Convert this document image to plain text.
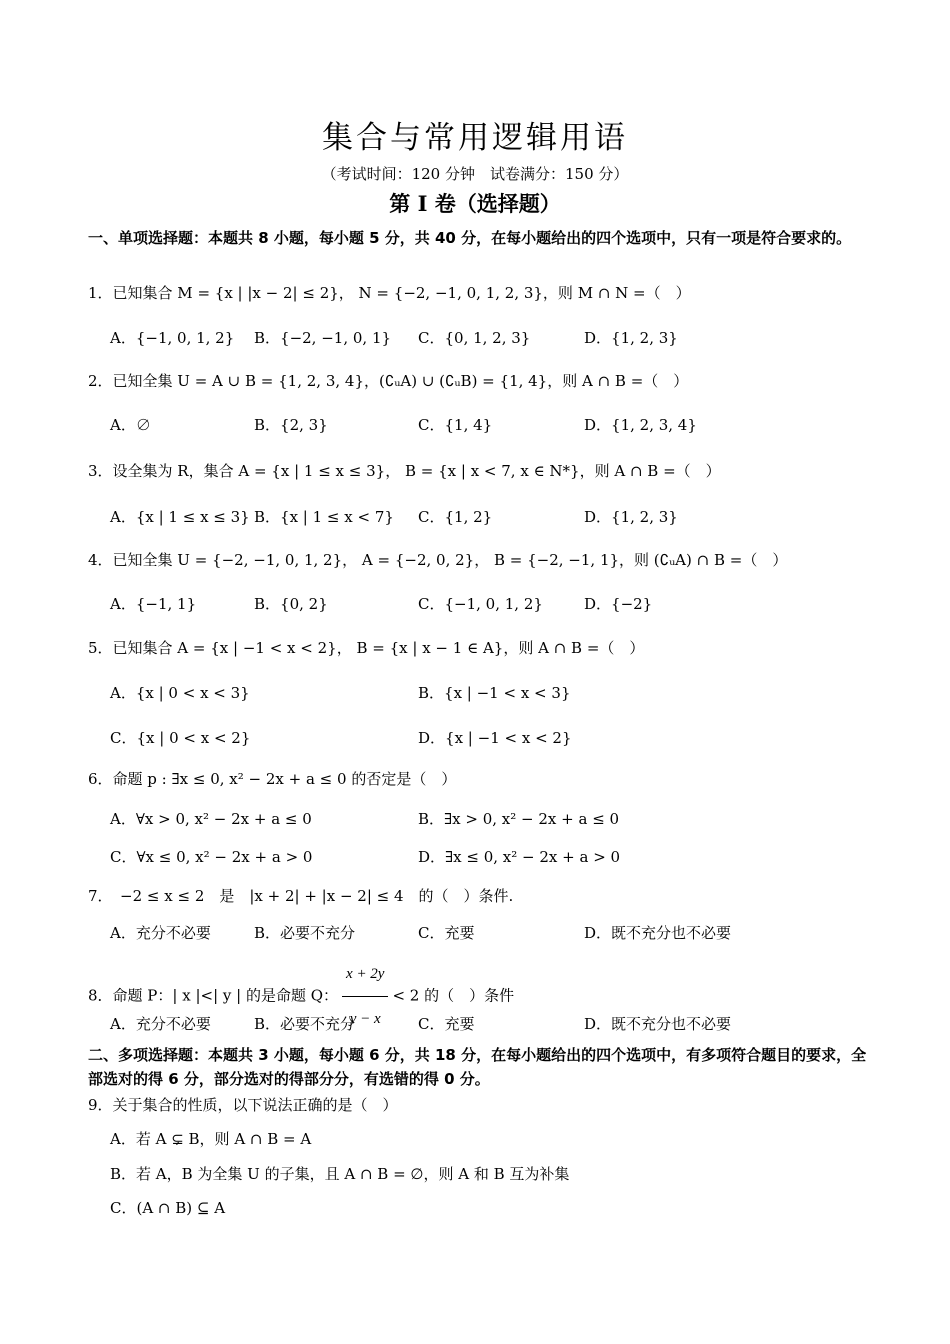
集合与常用逻辑用语
（考试时间：120 分钟　试卷满分：150 分）
第 I 卷（选择题）
一、单项选择题：本题共 8 小题，每小题 5 分，共 40 分，在每小题给出的四个选项中，只有一项是符合要求的。
1．已知集合 M = {x | |x − 2| ≤ 2}， N = {−2, −1, 0, 1, 2, 3}，则 M ∩ N =（　）
A．{−1, 0, 1, 2} B．{−2, −1, 0, 1} C．{0, 1, 2, 3}	D．{1, 2, 3}
2．已知全集 U = A ∪ B = {1, 2, 3, 4}，(∁ᵤA) ∪ (∁ᵤB) = {1, 4}，则 A ∩ B =（　）
A．∅	B．{2, 3}	C．{1, 4}	D．{1, 2, 3, 4}
3．设全集为 R，集合 A = {x | 1 ≤ x ≤ 3}， B = {x | x < 7, x ∈ N*}，则 A ∩ B =（　）
A．{x | 1 ≤ x ≤ 3} B．{x | 1 ≤ x < 7} C．{1, 2}	D．{1, 2, 3}
4．已知全集 U = {−2, −1, 0, 1, 2}， A = {−2, 0, 2}， B = {−2, −1, 1}，则 (∁ᵤA) ∩ B =（　）
A．{−1, 1}	B．{0, 2}	C．{−1, 0, 1, 2}	D．{−2}
5．已知集合 A = {x | −1 < x < 2}， B = {x | x − 1 ∈ A}，则 A ∩ B =（　）
A．{x | 0 < x < 3}	B．{x | −1 < x < 3}
C．{x | 0 < x < 2}	D．{x | −1 < x < 2}
6．命题 p : ∃x ≤ 0, x² − 2x + a ≤ 0 的否定是（　）
A．∀x > 0, x² − 2x + a ≤ 0	B．∃x > 0, x² − 2x + a ≤ 0
C．∀x ≤ 0, x² − 2x + a > 0	D．∃x ≤ 0, x² − 2x + a > 0
7．　−2 ≤ x ≤ 2　是　|x + 2| + |x − 2| ≤ 4　的（　）条件.
A．充分不必要	B．必要不充分	C．充要	D．既不充分也不必要
8．命题 P：| x |<| y | 的是命题 Q： $\frac{x + 2y}{y - x} < 2$ 的（　）条件
A．充分不必要	B．必要不充分	C．充要	D．既不充分也不必要
二、多项选择题：本题共 3 小题，每小题 6 分，共 18 分，在每小题给出的四个选项中，有多项符合题目的要求，全部选对的得 6 分，部分选对的得部分分，有选错的得 0 分。
9．关于集合的性质，以下说法正确的是（　）
A．若 A ⊊ B，则 A ∩ B = A
B．若 A，B 为全集 U 的子集，且 A ∩ B = ∅，则 A 和 B 互为补集
C．(A ∩ B) ⊆ A
